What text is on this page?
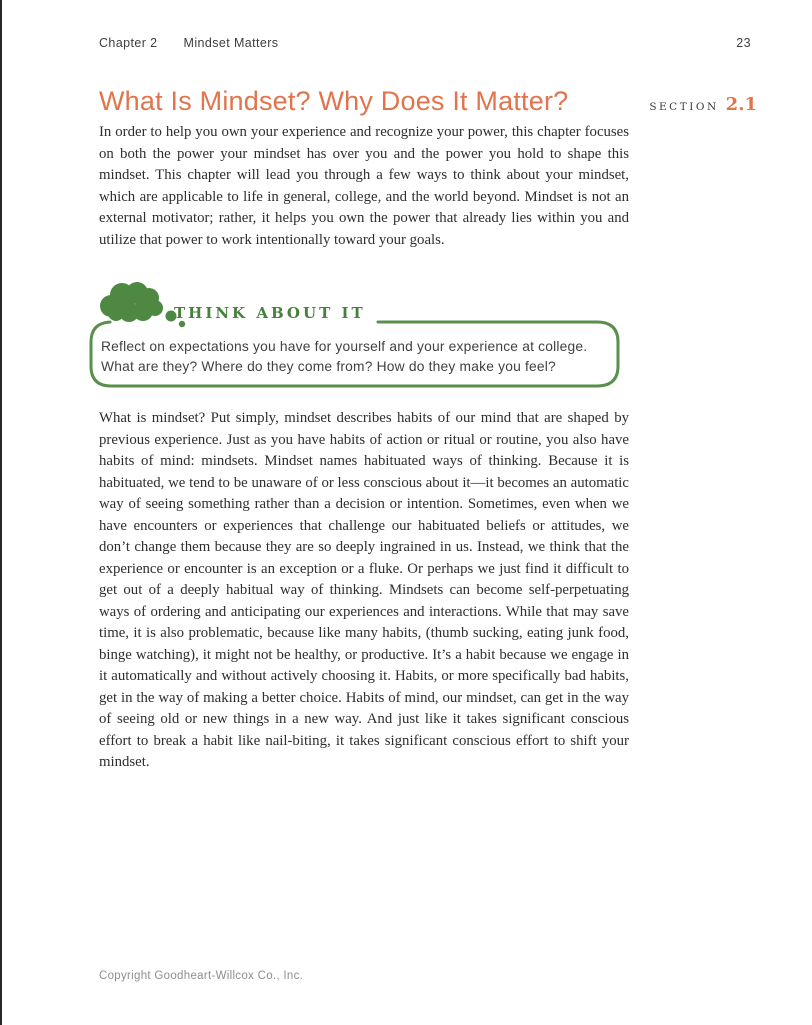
Chapter 2 Mindset Matters	23
What Is Mindset? Why Does It Matter?	SECTION 2.1

In order to help you own your experience and recognize your power, this chapter focuses on both the power your mindset has over you and the power you hold to shape this mindset. This chapter will lead you through a few ways to think about your mindset, which are applicable to life in general, college, and the world beyond. Mindset is not an external motivator; rather, it helps you own the power that already lies within you and utilize that power to work intentionally toward your goals.

THINK ABOUT IT
Reflect on expectations you have for yourself and your experience at college. What are they? Where do they come from? How do they make you feel?

What is mindset? Put simply, mindset describes habits of our mind that are shaped by previous experience. Just as you have habits of action or ritual or routine, you also have habits of mind: mindsets. Mindset names habituated ways of thinking. Because it is habituated, we tend to be unaware of or less conscious about it—it becomes an automatic way of seeing something rather than a decision or intention. Sometimes, even when we have encounters or experiences that challenge our habituated beliefs or attitudes, we don’t change them because they are so deeply ingrained in us. Instead, we think that the experience or encounter is an exception or a fluke. Or perhaps we just find it difficult to get out of a deeply habitual way of thinking. Mindsets can become self-perpetuating ways of ordering and anticipating our experiences and interactions. While that may save time, it is also problematic, because like many habits, (thumb sucking, eating junk food, binge watching), it might not be healthy, or productive. It’s a habit because we engage in it automatically and without actively choosing it. Habits, or more specifically bad habits, get in the way of making a better choice. Habits of mind, our mindset, can get in the way of seeing old or new things in a new way. And just like it takes significant conscious effort to break a habit like nail-biting, it takes significant conscious effort to shift your mindset.

Copyright Goodheart-Willcox Co., Inc.
